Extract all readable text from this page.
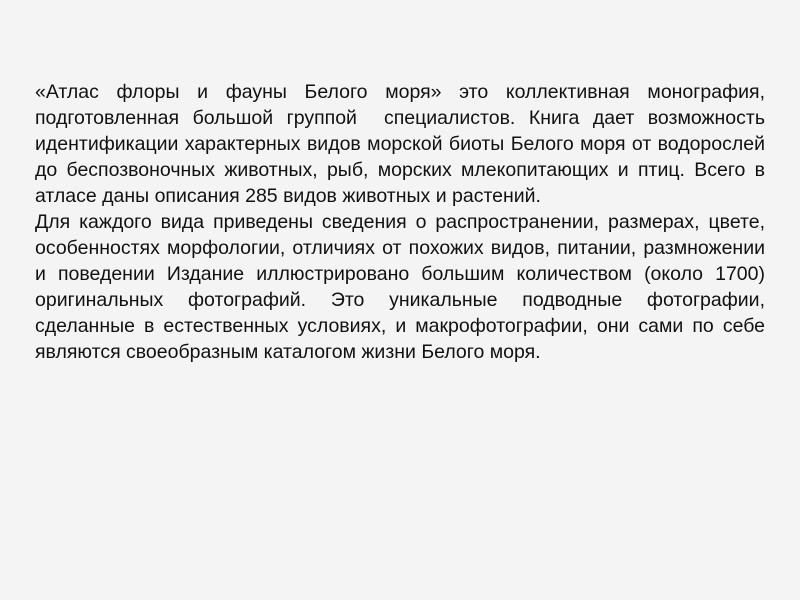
«Атлас флоры и фауны Белого моря» это коллективная монография, подготовленная большой группой  специалистов. Книга дает возможность идентификации характерных видов морской биоты Белого моря от водорослей до беспозвоночных животных, рыб, морских млекопитающих и птиц. Всего в атласе даны описания 285 видов животных и растений.

Для каждого вида приведены сведения о распространении, размерах, цвете, особенностях морфологии, отличиях от похожих видов, питании, размножении и поведении Издание иллюстрировано большим количеством (около 1700) оригинальных фотографий. Это уникальные подводные фотографии,  сделанные в естественных условиях, и макрофотографии, они сами по себе являются своеобразным каталогом жизни Белого моря.
